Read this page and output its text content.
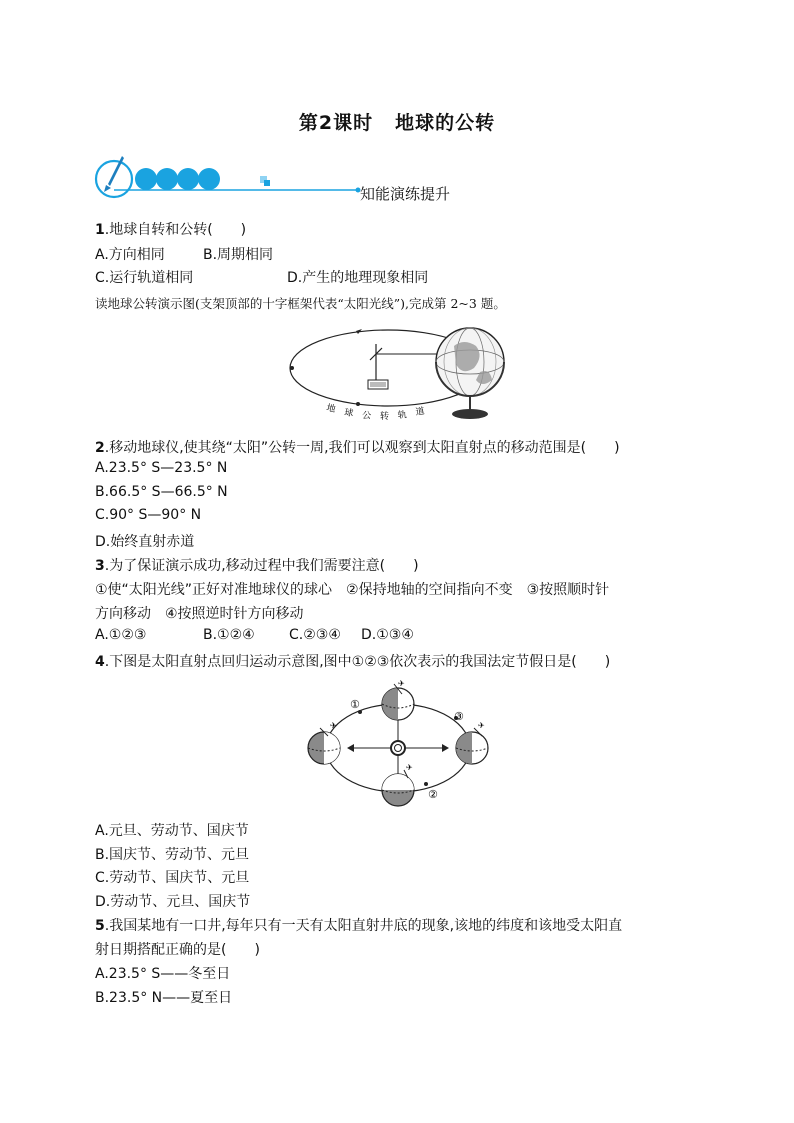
第2课时 地球的公转
知能演练提升
1.地球自转和公转(　　)
A.方向相同	B.周期相同
C.运行轨道相同	D.产生的地理现象相同
读地球公转演示图(支架顶部的十字框架代表“太阳光线”),完成第 2~3 题。
地 球 公 转 轨 道
2.移动地球仪,使其绕“太阳”公转一周,我们可以观察到太阳直射点的移动范围是(　　)
A.23.5° S—23.5° N
B.66.5° S—66.5° N
C.90° S—90° N
D.始终直射赤道
3.为了保证演示成功,移动过程中我们需要注意(　　)
①使“太阳光线”正好对准地球仪的球心　②保持地轴的空间指向不变　③按照顺时针
方向移动　④按照逆时针方向移动
A.①②③	B.①②④ C.②③④ D.①③④
4.下图是太阳直射点回归运动示意图,图中①②③依次表示的我国法定节假日是(　　)
✈
✈	✈
✈
①
②
③
A.元旦、劳动节、国庆节
B.国庆节、劳动节、元旦
C.劳动节、国庆节、元旦
D.劳动节、元旦、国庆节
5.我国某地有一口井,每年只有一天有太阳直射井底的现象,该地的纬度和该地受太阳直
射日期搭配正确的是(　　)
A.23.5° S——冬至日
B.23.5° N——夏至日
